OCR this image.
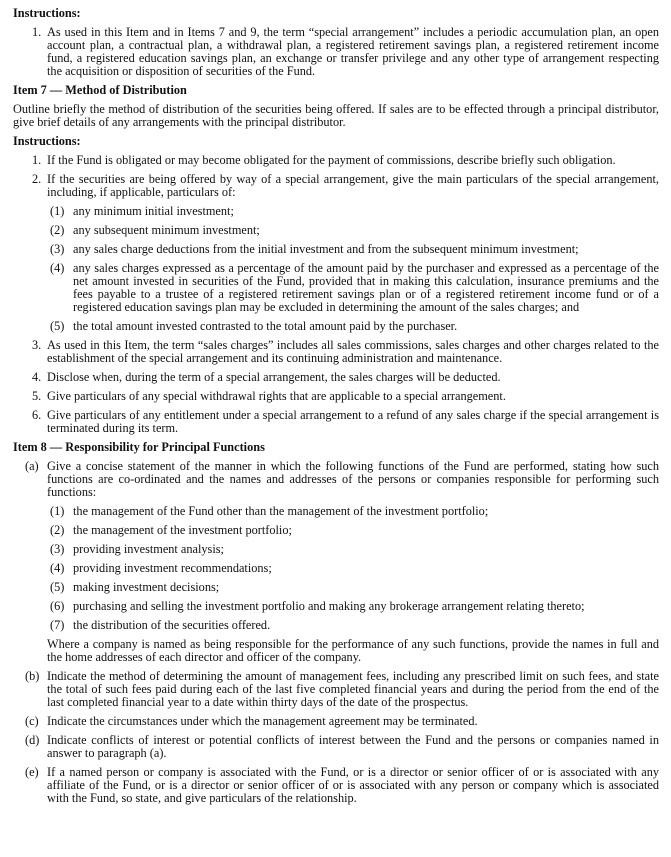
Instructions:
1. As used in this Item and in Items 7 and 9, the term “special arrangement” includes a periodic accumulation plan, an open account plan, a contractual plan, a withdrawal plan, a registered retirement savings plan, a registered retirement income fund, a registered education savings plan, an exchange or transfer privilege and any other type of arrangement respecting the acquisition or disposition of securities of the Fund.
Item 7 — Method of Distribution
Outline briefly the method of distribution of the securities being offered. If sales are to be effected through a principal distributor, give brief details of any arrangements with the principal distributor.
Instructions:
1. If the Fund is obligated or may become obligated for the payment of commissions, describe briefly such obligation.
2. If the securities are being offered by way of a special arrangement, give the main particulars of the special arrangement, including, if applicable, particulars of:
(1) any minimum initial investment;
(2) any subsequent minimum investment;
(3) any sales charge deductions from the initial investment and from the subsequent minimum investment;
(4) any sales charges expressed as a percentage of the amount paid by the purchaser and expressed as a percentage of the net amount invested in securities of the Fund, provided that in making this calculation, insurance premiums and the fees payable to a trustee of a registered retirement savings plan or of a registered retirement income fund or of a registered education savings plan may be excluded in determining the amount of the sales charges; and
(5) the total amount invested contrasted to the total amount paid by the purchaser.
3. As used in this Item, the term “sales charges” includes all sales commissions, sales charges and other charges related to the establishment of the special arrangement and its continuing administration and maintenance.
4. Disclose when, during the term of a special arrangement, the sales charges will be deducted.
5. Give particulars of any special withdrawal rights that are applicable to a special arrangement.
6. Give particulars of any entitlement under a special arrangement to a refund of any sales charge if the special arrangement is terminated during its term.
Item 8 — Responsibility for Principal Functions
(a) Give a concise statement of the manner in which the following functions of the Fund are performed, stating how such functions are co-ordinated and the names and addresses of the persons or companies responsible for performing such functions:
(1) the management of the Fund other than the management of the investment portfolio;
(2) the management of the investment portfolio;
(3) providing investment analysis;
(4) providing investment recommendations;
(5) making investment decisions;
(6) purchasing and selling the investment portfolio and making any brokerage arrangement relating thereto;
(7) the distribution of the securities offered.
Where a company is named as being responsible for the performance of any such functions, provide the names in full and the home addresses of each director and officer of the company.
(b) Indicate the method of determining the amount of management fees, including any prescribed limit on such fees, and state the total of such fees paid during each of the last five completed financial years and during the period from the end of the last completed financial year to a date within thirty days of the date of the prospectus.
(c) Indicate the circumstances under which the management agreement may be terminated.
(d) Indicate conflicts of interest or potential conflicts of interest between the Fund and the persons or companies named in answer to paragraph (a).
(e) If a named person or company is associated with the Fund, or is a director or senior officer of or is associated with any affiliate of the Fund, or is a director or senior officer of or is associated with any person or company which is associated with the Fund, so state, and give particulars of the relationship.
